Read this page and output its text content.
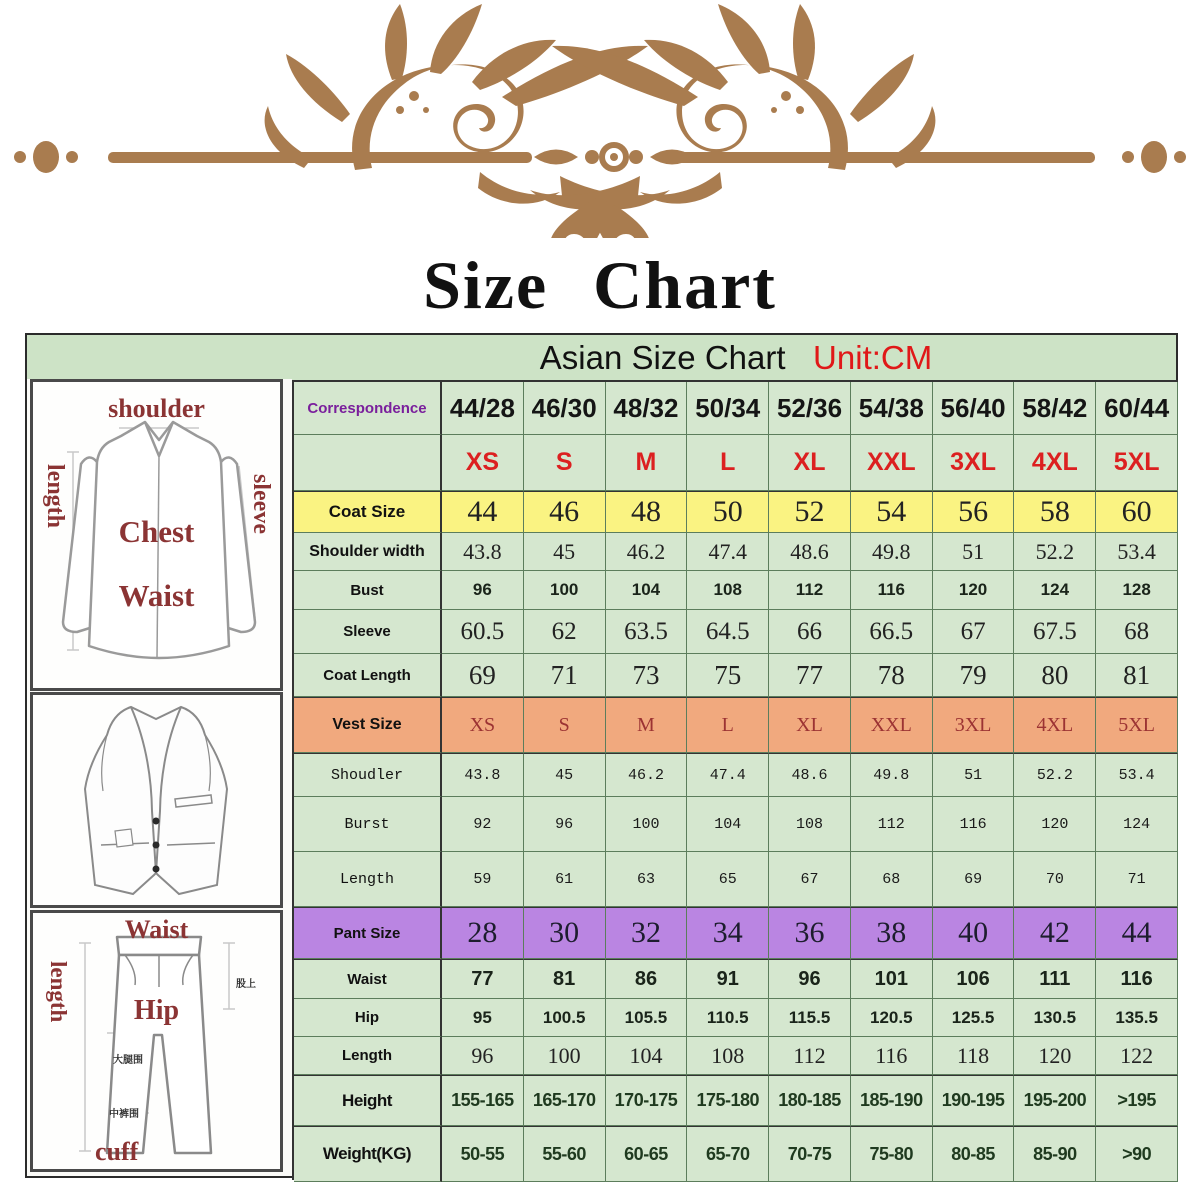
Size Chart
Asian Size Chart Unit:CM
shoulder
length	sleeve
Chest
Waist
Waist
length	Hip
cuff
股上
大腿围
中裤围
Correspondence 44/28 46/30 48/32 50/34 52/36 54/38 56/40 58/42 60/44
XS	S	M	L	XL	XXL	3XL	4XL	5XL
Coat Size	44	46	48	50	52	54	56	58	60
Shoulder width	43.8	45	46.2	47.4	48.6	49.8	51	52.2	53.4
Bust	96	100	104	108	112	116	120	124	128
Sleeve	60.5	62	63.5	64.5	66	66.5	67	67.5	68
Coat Length	69	71	73	75	77	78	79	80	81
Vest Size	XS	S	M	L	XL	XXL	3XL	4XL	5XL
Shoudler	43.8	45	46.2	47.4	48.6	49.8	51	52.2	53.4
Burst	92	96	100	104	108	112	116	120	124
Length	59	61	63	65	67	68	69	70	71
Pant Size	28	30	32	34	36	38	40	42	44
Waist	77	81	86	91	96	101	106	111	116
Hip	95	100.5	105.5	110.5	115.5	120.5	125.5	130.5	135.5
Length	96	100	104	108	112	116	118	120	122
Height	155-165	165-170	170-175	175-180	180-185	185-190	190-195	195-200	>195
Weight(KG)	50-55	55-60	60-65	65-70	70-75	75-80	80-85	85-90	>90
